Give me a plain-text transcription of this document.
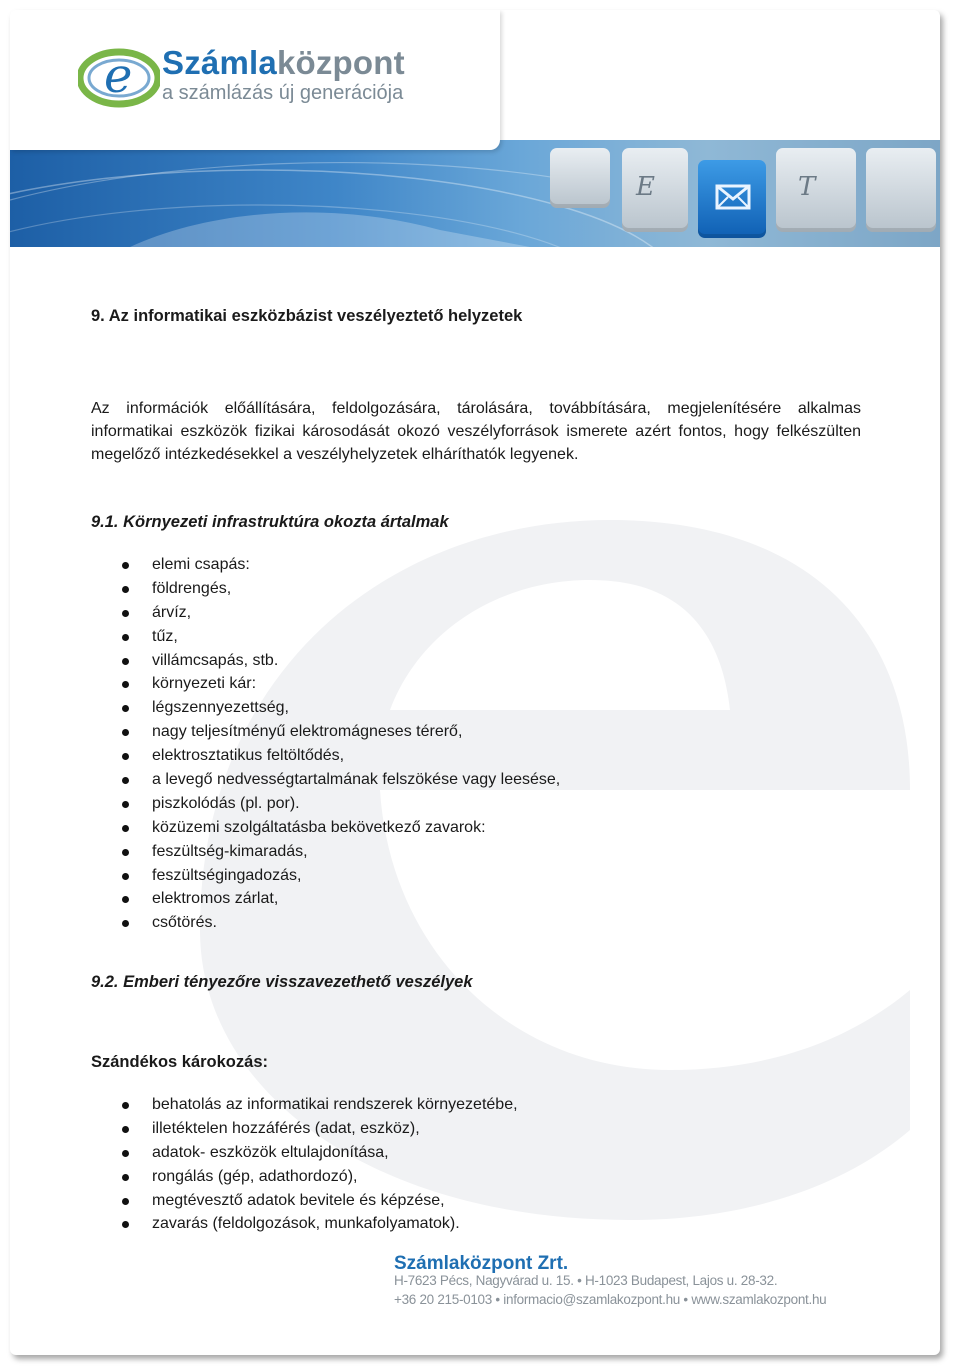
E	T
e Számlaközpont
a számlázás új generációja
9. Az informatikai eszközbázist veszélyeztető helyzetek

Az információk előállítására, feldolgozására, tárolására, továbbítására, megjelenítésére alkalmas informatikai eszközök fizikai károsodását okozó veszélyforrások ismerete azért fontos, hogy felkészülten megelőző intézkedésekkel a veszélyhelyzetek elháríthatók legyenek.

9.1. Környezeti infrastruktúra okozta ártalmak
elemi csapás:
földrengés,
árvíz,
tűz,
villámcsapás, stb.
környezeti kár:
légszennyezettség,
nagy teljesítményű elektromágneses térerő,
elektrosztatikus feltöltődés,
a levegő nedvességtartalmának felszökése vagy leesése,
piszkolódás (pl. por).
közüzemi szolgáltatásba bekövetkező zavarok:
feszültség-kimaradás,
feszültségingadozás,
elektromos zárlat,
csőtörés.
9.2. Emberi tényezőre visszavezethető veszélyek
Szándékos károkozás:
behatolás az informatikai rendszerek környezetébe,
illetéktelen hozzáférés (adat, eszköz),
adatok- eszközök eltulajdonítása,
rongálás (gép, adathordozó),
megtévesztő adatok bevitele és képzése,
zavarás (feldolgozások, munkafolyamatok).
Számlaközpont Zrt.
H-7623 Pécs, Nagyvárad u. 15. • H-1023 Budapest, Lajos u. 28-32.
+36 20 215-0103 • informacio@szamlakozpont.hu • www.szamlakozpont.hu
